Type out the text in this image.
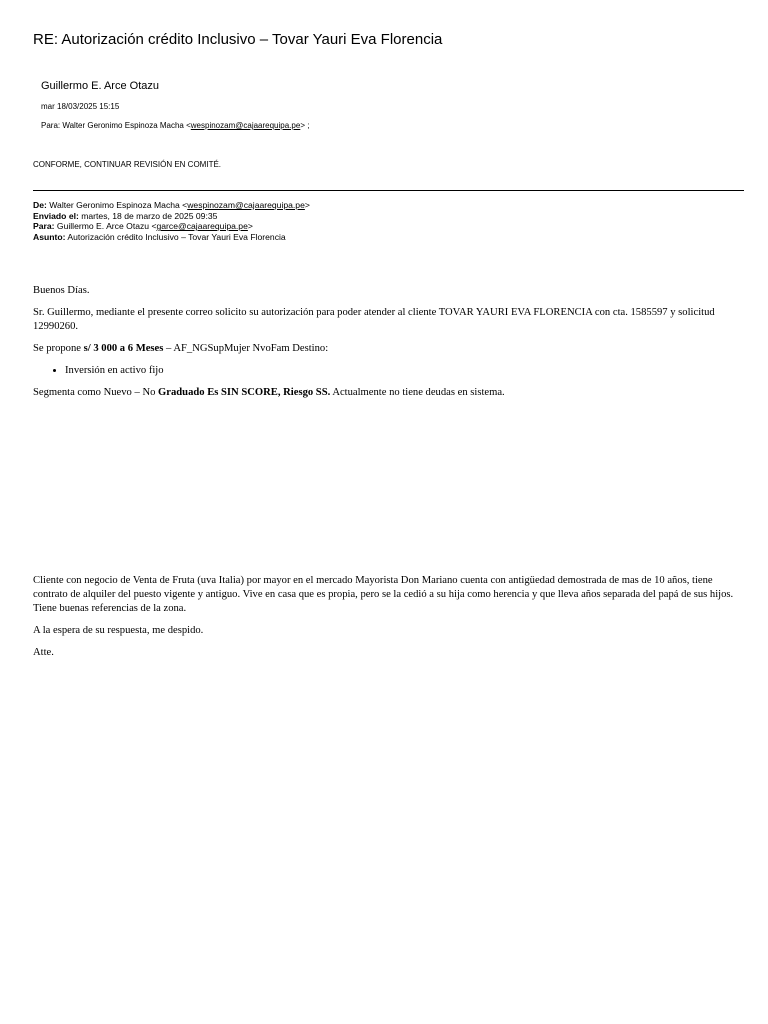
RE: Autorización crédito Inclusivo – Tovar Yauri Eva Florencia
Guillermo E. Arce Otazu
mar 18/03/2025 15:15
Para: Walter Geronimo Espinoza Macha <wespinozam@cajaarequipa.pe> ;
CONFORME, CONTINUAR REVISIÓN EN COMITÉ.
De: Walter Geronimo Espinoza Macha <wespinozam@cajaarequipa.pe>
Enviado el: martes, 18 de marzo de 2025 09:35
Para: Guillermo E. Arce Otazu <garce@cajaarequipa.pe>
Asunto: Autorización crédito Inclusivo – Tovar Yauri Eva Florencia

Buenos Días.

Sr. Guillermo, mediante el presente correo solicito su autorización para poder atender al cliente TOVAR YAURI EVA FLORENCIA con cta. 1585597 y solicitud 12990260.

Se propone s/ 3 000 a 6 Meses – AF_NGSupMujer NvoFam Destino:

• Inversión en activo fijo

Segmenta como Nuevo – No Graduado Es SIN SCORE, Riesgo SS. Actualmente no tiene deudas en sistema.

Cliente con negocio de Venta de Fruta (uva Italia) por mayor en el mercado Mayorista Don Mariano cuenta con antigüedad demostrada de mas de 10 años, tiene contrato de alquiler del puesto vigente y antiguo. Vive en casa que es propia, pero se la cedió a su hija como herencia y que lleva años separada del papá de sus hijos. Tiene buenas referencias de la zona.

A la espera de su respuesta, me despido.

Atte.
